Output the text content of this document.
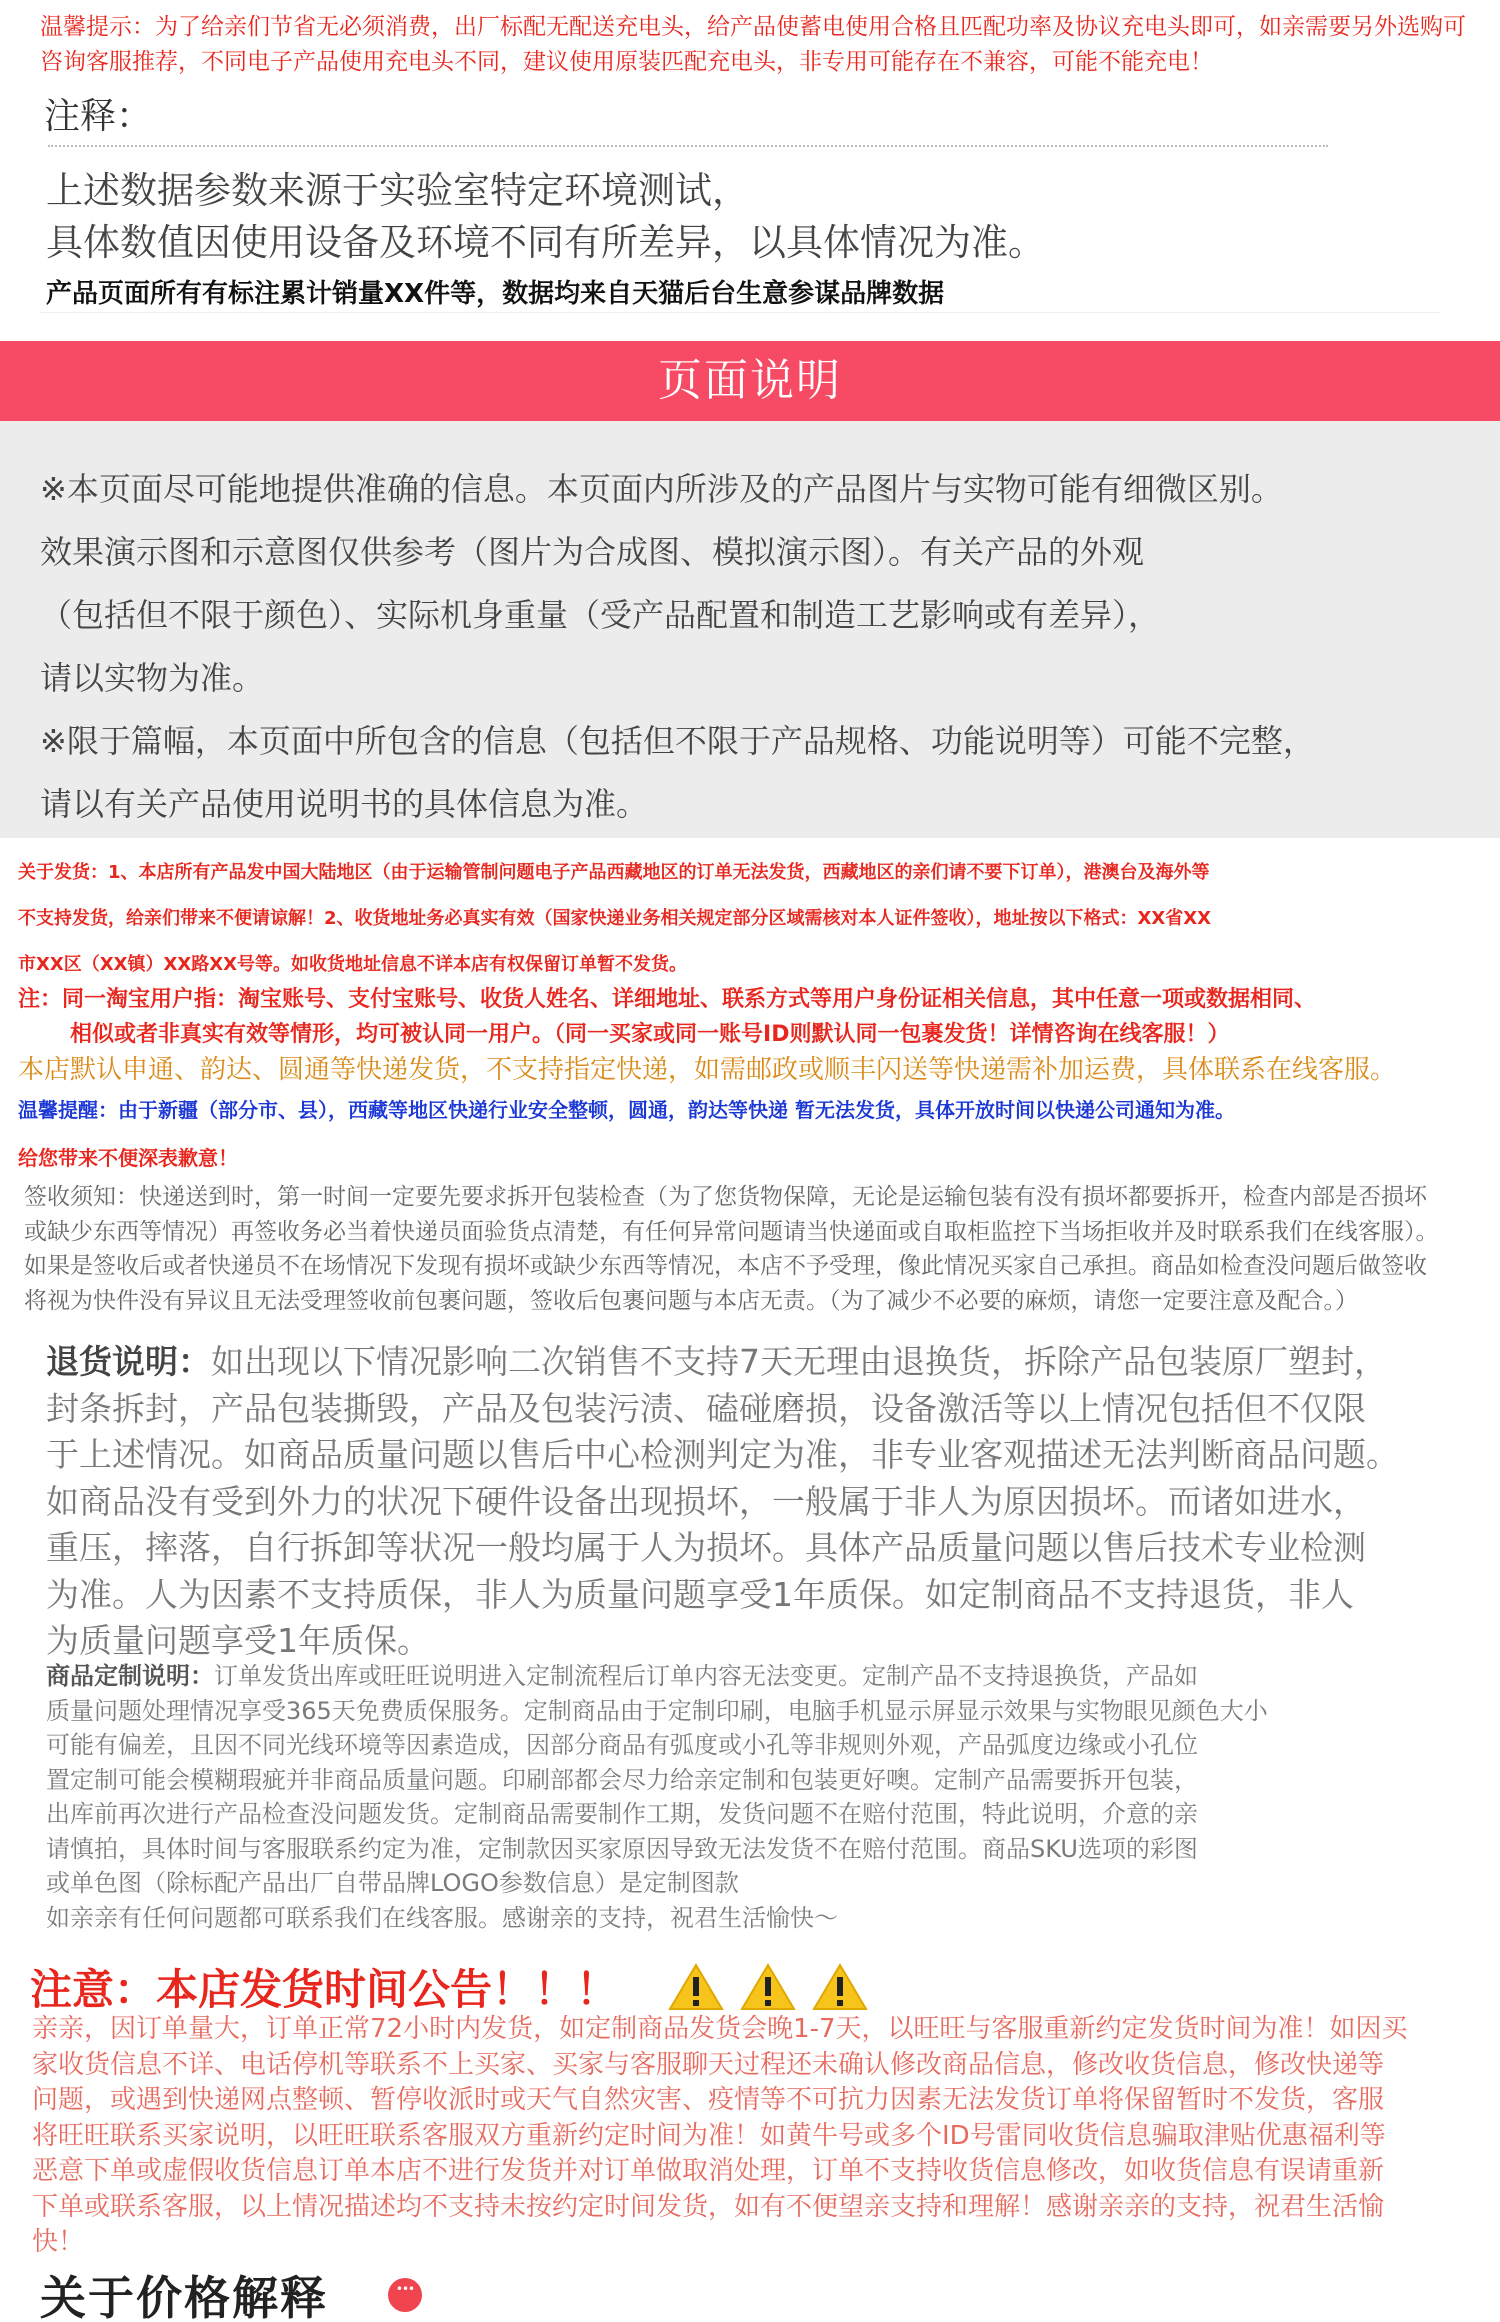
温馨提示：为了给亲们节省无必须消费，出厂标配无配送充电头，给产品使蓄电使用合格且匹配功率及协议充电头即可，如亲需要另外选购可咨询客服推荐，不同电子产品使用充电头不同，建议使用原装匹配充电头，非专用可能存在不兼容，可能不能充电！
注释：
上述数据参数来源于实验室特定环境测试，
具体数值因使用设备及环境不同有所差异，以具体情况为准。
产品页面所有有标注累计销量XX件等，数据均来自天猫后台生意参谋品牌数据
页面说明
※本页面尽可能地提供准确的信息。本页面内所涉及的产品图片与实物可能有细微区别。
效果演示图和示意图仅供参考（图片为合成图、模拟演示图）。有关产品的外观
（包括但不限于颜色）、实际机身重量（受产品配置和制造工艺影响或有差异），
请以实物为准。
※限于篇幅，本页面中所包含的信息（包括但不限于产品规格、功能说明等）可能不完整，
请以有关产品使用说明书的具体信息为准。
关于发货：1、本店所有产品发中国大陆地区（由于运输管制问题电子产品西藏地区的订单无法发货，西藏地区的亲们请不要下订单），港澳台及海外等
不支持发货，给亲们带来不便请谅解！2、收货地址务必真实有效（国家快递业务相关规定部分区域需核对本人证件签收），地址按以下格式：XX省XX
市XX区（XX镇）XX路XX号等。如收货地址信息不详本店有权保留订单暂不发货。
注：同一淘宝用户指：淘宝账号、支付宝账号、收货人姓名、详细地址、联系方式等用户身份证相关信息，其中任意一项或数据相同、
相似或者非真实有效等情形，均可被认同一用户。（同一买家或同一账号ID则默认同一包裹发货！详情咨询在线客服！）
本店默认申通、韵达、圆通等快递发货，不支持指定快递，如需邮政或顺丰闪送等快递需补加运费，具体联系在线客服。
温馨提醒：由于新疆（部分市、县），西藏等地区快递行业安全整顿，圆通，韵达等快递 暂无法发货，具体开放时间以快递公司通知为准。
给您带来不便深表歉意！
签收须知：快递送到时，第一时间一定要先要求拆开包装检查（为了您货物保障，无论是运输包装有没有损坏都要拆开，检查内部是否损坏
或缺少东西等情况）再签收务必当着快递员面验货点清楚，有任何异常问题请当快递面或自取柜监控下当场拒收并及时联系我们在线客服）。
如果是签收后或者快递员不在场情况下发现有损坏或缺少东西等情况，本店不予受理，像此情况买家自己承担。商品如检查没问题后做签收
将视为快件没有异议且无法受理签收前包裹问题，签收后包裹问题与本店无责。（为了减少不必要的麻烦，请您一定要注意及配合。）
退货说明：如出现以下情况影响二次销售不支持7天无理由退换货，拆除产品包装原厂塑封，
封条拆封，产品包装撕毁，产品及包装污渍、磕碰磨损，设备激活等以上情况包括但不仅限
于上述情况。如商品质量问题以售后中心检测判定为准，非专业客观描述无法判断商品问题。
如商品没有受到外力的状况下硬件设备出现损坏，一般属于非人为原因损坏。而诸如进水，
重压，摔落，自行拆卸等状况一般均属于人为损坏。具体产品质量问题以售后技术专业检测
为准。人为因素不支持质保，非人为质量问题享受1年质保。如定制商品不支持退货，非人
为质量问题享受1年质保。
商品定制说明：订单发货出库或旺旺说明进入定制流程后订单内容无法变更。定制产品不支持退换货，产品如
质量问题处理情况享受365天免费质保服务。定制商品由于定制印刷，电脑手机显示屏显示效果与实物眼见颜色大小
可能有偏差，且因不同光线环境等因素造成，因部分商品有弧度或小孔等非规则外观，产品弧度边缘或小孔位
置定制可能会模糊瑕疵并非商品质量问题。印刷部都会尽力给亲定制和包装更好噢。定制产品需要拆开包装，
出库前再次进行产品检查没问题发货。定制商品需要制作工期，发货问题不在赔付范围，特此说明，介意的亲
请慎拍，具体时间与客服联系约定为准，定制款因买家原因导致无法发货不在赔付范围。商品SKU选项的彩图
或单色图（除标配产品出厂自带品牌LOGO参数信息）是定制图款
如亲亲有任何问题都可联系我们在线客服。感谢亲的支持，祝君生活愉快～
注意：本店发货时间公告！！！
亲亲，因订单量大，订单正常72小时内发货，如定制商品发货会晚1-7天，以旺旺与客服重新约定发货时间为准！如因买
家收货信息不详、电话停机等联系不上买家、买家与客服聊天过程还未确认修改商品信息，修改收货信息，修改快递等
问题，或遇到快递网点整顿、暂停收派时或天气自然灾害、疫情等不可抗力因素无法发货订单将保留暂时不发货，客服
将旺旺联系买家说明，以旺旺联系客服双方重新约定时间为准！如黄牛号或多个ID号雷同收货信息骗取津贴优惠福利等
恶意下单或虚假收货信息订单本店不进行发货并对订单做取消处理，订单不支持收货信息修改，如收货信息有误请重新
下单或联系客服，以上情况描述均不支持未按约定时间发货，如有不便望亲支持和理解！感谢亲亲的支持，祝君生活愉
快！
关于价格解释
•••
